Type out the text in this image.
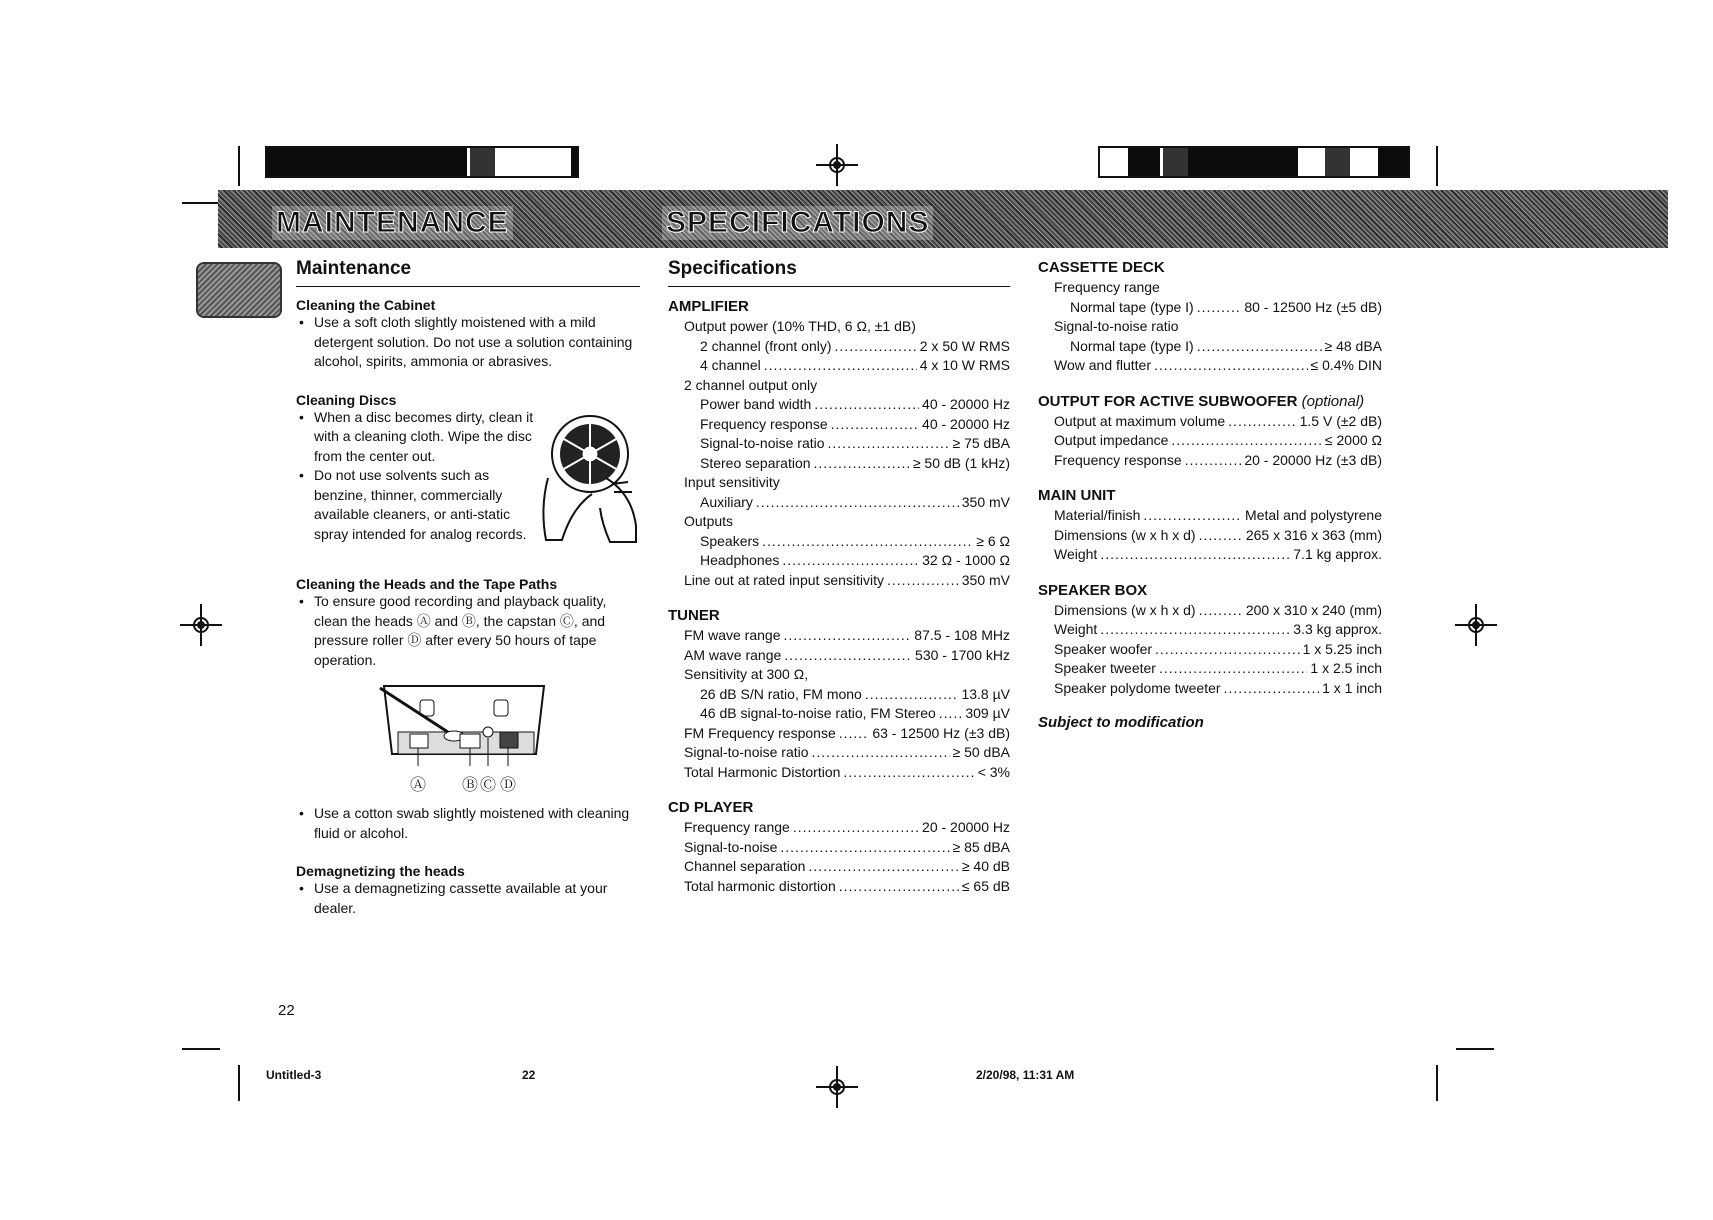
MAINTENANCE	SPECIFICATIONS
Maintenance

Cleaning the Cabinet

• Use a soft cloth slightly moistened with a mild detergent solution. Do not use a solution containing alcohol, spirits, ammonia or abrasives.

Cleaning Discs

• When a disc becomes dirty, clean it with a cleaning cloth. Wipe the disc from the center out.
• Do not use solvents such as benzine, thinner, commercially available cleaners, or anti-static spray intended for analog records.

Cleaning the Heads and the Tape Paths

• To ensure good recording and playback quality, clean the heads Ⓐ and Ⓑ, the capstan Ⓒ, and pressure roller Ⓓ after every 50 hours of tape operation.
Ⓐ Ⓑ Ⓒ Ⓓ
• Use a cotton swab slightly moistened with cleaning fluid or alcohol.

Demagnetizing the heads

• Use a demagnetizing cassette available at your dealer.
Specifications

AMPLIFIER

Output power (10% THD, 6 Ω, ±1 dB)
2 channel (front only) .....	2 x 50 W RMS
4 channel .....	4 x 10 W RMS
2 channel output only
Power band width .....	40 - 20000 Hz
Frequency response .....	40 - 20000 Hz
Signal-to-noise ratio .....	≥ 75 dBA
Stereo separation .....	≥ 50 dB (1 kHz)
Input sensitivity
Auxiliary .....	350 mV
Outputs
Speakers .....	≥ 6 Ω
Headphones .....	32 Ω - 1000 Ω
Line out at rated input sensitivity .....	350 mV

TUNER

FM wave range .....	87.5 - 108 MHz
AM wave range .....	530 - 1700 kHz
Sensitivity at 300 Ω,
26 dB S/N ratio, FM mono .....	13.8 µV
46 dB signal-to-noise ratio, FM Stereo ..... 309 µV
FM Frequency response .....	63 - 12500 Hz (±3 dB)
Signal-to-noise ratio .....	≥ 50 dBA
Total Harmonic Distortion .....	< 3%

CD PLAYER

Frequency range .....	20 - 20000 Hz
Signal-to-noise .....	≥ 85 dBA
Channel separation .....	≥ 40 dB
Total harmonic distortion .....	≤ 65 dB

CASSETTE DECK

Frequency range
Normal tape (type I) .....	80 - 12500 Hz (±5 dB)
Signal-to-noise ratio
Normal tape (type I) .....	≥ 48 dBA
Wow and flutter .....	≤ 0.4% DIN

OUTPUT FOR ACTIVE SUBWOOFER (optional)

Output at maximum volume .....	1.5 V (±2 dB)
Output impedance .....	≤ 2000 Ω
Frequency response .....	20 - 20000 Hz (±3 dB)

MAIN UNIT

Material/finish .....	Metal and polystyrene
Dimensions (w x h x d) .....	265 x 316 x 363 (mm)
Weight .....	7.1 kg approx.

SPEAKER BOX

Dimensions (w x h x d) .....	200 x 310 x 240 (mm)
Weight .....	3.3 kg approx.
Speaker woofer .....	1 x 5.25 inch
Speaker tweeter .....	1 x 2.5 inch
Speaker polydome tweeter .....	1 x 1 inch

Subject to modification

22
Untitled-3	22	2/20/98, 11:31 AM
